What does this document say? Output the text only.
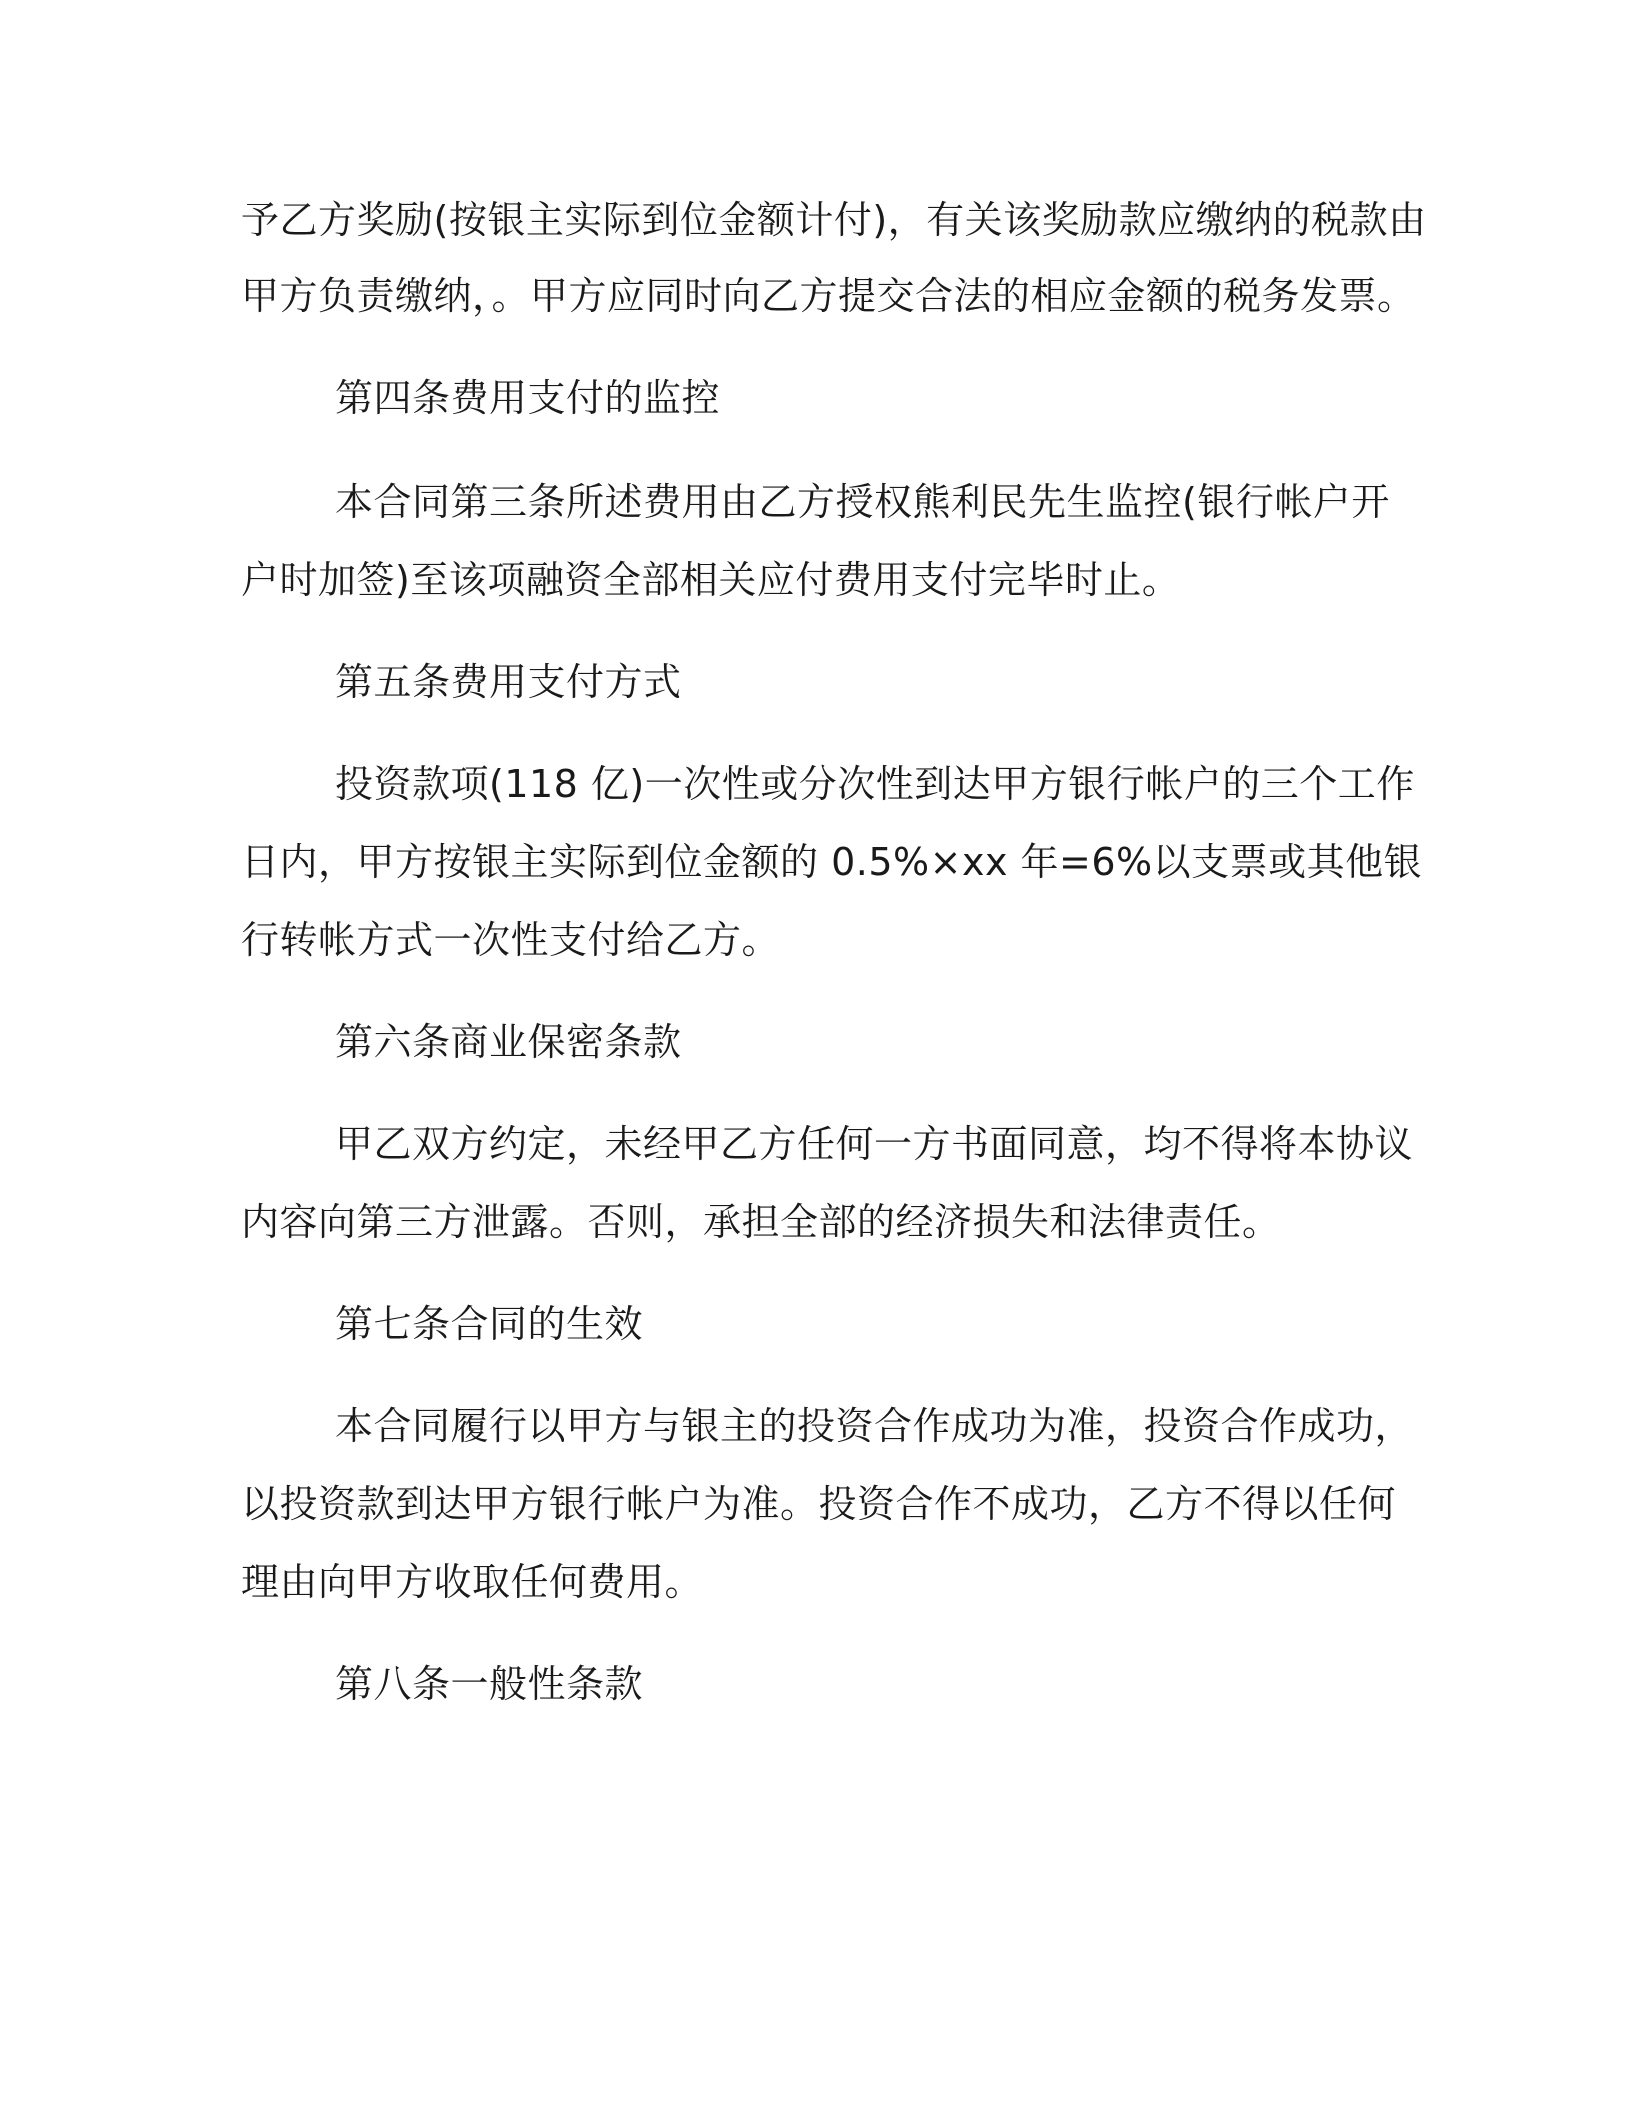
予乙方奖励(按银主实际到位金额计付)，有关该奖励款应缴纳的税款由
甲方负责缴纳，。甲方应同时向乙方提交合法的相应金额的税务发票。
第四条费用支付的监控
本合同第三条所述费用由乙方授权熊利民先生监控(银行帐户开
户时加签)至该项融资全部相关应付费用支付完毕时止。
第五条费用支付方式
投资款项(118 亿)一次性或分次性到达甲方银行帐户的三个工作
日内，甲方按银主实际到位金额的 0.5%×xx 年=6%以支票或其他银
行转帐方式一次性支付给乙方。
第六条商业保密条款
甲乙双方约定，未经甲乙方任何一方书面同意，均不得将本协议
内容向第三方泄露。否则，承担全部的经济损失和法律责任。
第七条合同的生效
本合同履行以甲方与银主的投资合作成功为准，投资合作成功，
以投资款到达甲方银行帐户为准。投资合作不成功，乙方不得以任何
理由向甲方收取任何费用。
第八条一般性条款
